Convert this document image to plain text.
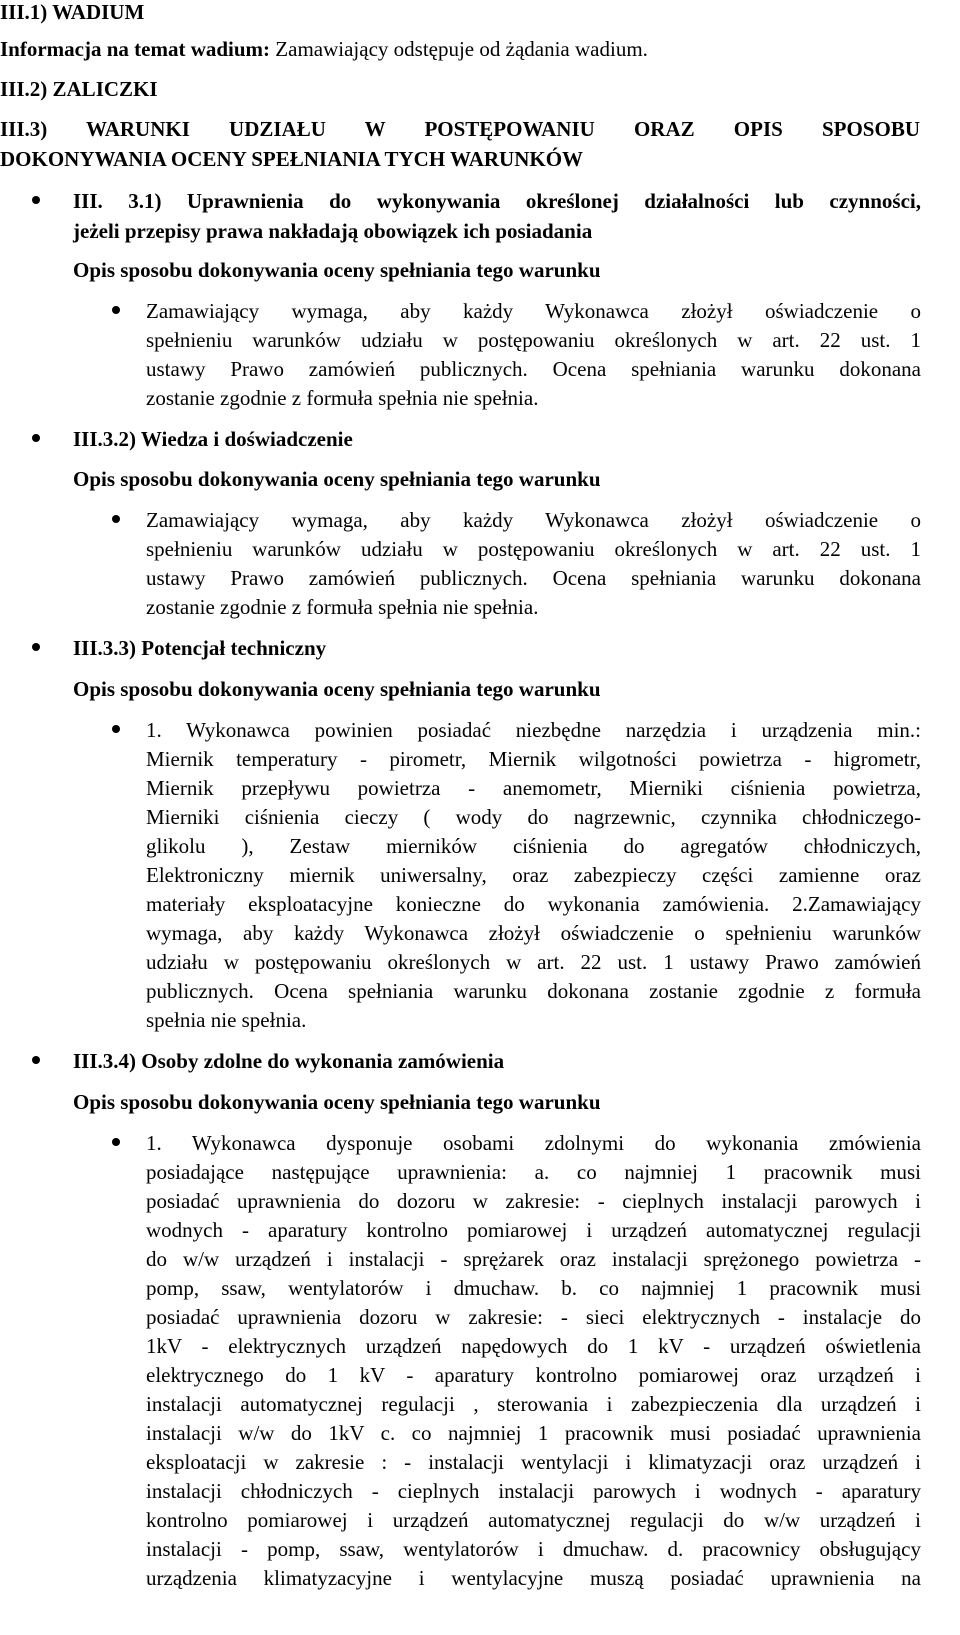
III.1) WADIUM
Informacja na temat wadium: Zamawiający odstępuje od żądania wadium.
III.2) ZALICZKI
III.3) WARUNKI UDZIAŁU W POSTĘPOWANIU ORAZ OPIS SPOSOBU
DOKONYWANIA OCENY SPEŁNIANIA TYCH WARUNKÓW
III. 3.1) Uprawnienia do wykonywania określonej działalności lub czynności,
jeżeli przepisy prawa nakładają obowiązek ich posiadania
Opis sposobu dokonywania oceny spełniania tego warunku
Zamawiający wymaga, aby każdy Wykonawca złożył oświadczenie o
spełnieniu warunków udziału w postępowaniu określonych w art. 22 ust. 1
ustawy Prawo zamówień publicznych. Ocena spełniania warunku dokonana
zostanie zgodnie z formuła spełnia nie spełnia.
III.3.2) Wiedza i doświadczenie
Opis sposobu dokonywania oceny spełniania tego warunku
Zamawiający wymaga, aby każdy Wykonawca złożył oświadczenie o
spełnieniu warunków udziału w postępowaniu określonych w art. 22 ust. 1
ustawy Prawo zamówień publicznych. Ocena spełniania warunku dokonana
zostanie zgodnie z formuła spełnia nie spełnia.
III.3.3) Potencjał techniczny
Opis sposobu dokonywania oceny spełniania tego warunku
1. Wykonawca powinien posiadać niezbędne narzędzia i urządzenia min.:
Miernik temperatury - pirometr, Miernik wilgotności powietrza - higrometr,
Miernik przepływu powietrza - anemometr, Mierniki ciśnienia powietrza,
Mierniki ciśnienia cieczy ( wody do nagrzewnic, czynnika chłodniczego-
glikolu ), Zestaw mierników ciśnienia do agregatów chłodniczych,
Elektroniczny miernik uniwersalny, oraz zabezpieczy części zamienne oraz
materiały eksploatacyjne konieczne do wykonania zamówienia. 2.Zamawiający
wymaga, aby każdy Wykonawca złożył oświadczenie o spełnieniu warunków
udziału w postępowaniu określonych w art. 22 ust. 1 ustawy Prawo zamówień
publicznych. Ocena spełniania warunku dokonana zostanie zgodnie z formuła
spełnia nie spełnia.
III.3.4) Osoby zdolne do wykonania zamówienia
Opis sposobu dokonywania oceny spełniania tego warunku
1. Wykonawca dysponuje osobami zdolnymi do wykonania zmówienia
posiadające następujące uprawnienia: a. co najmniej 1 pracownik musi
posiadać uprawnienia do dozoru w zakresie: - cieplnych instalacji parowych i
wodnych - aparatury kontrolno pomiarowej i urządzeń automatycznej regulacji
do w/w urządzeń i instalacji - sprężarek oraz instalacji sprężonego powietrza -
pomp, ssaw, wentylatorów i dmuchaw. b. co najmniej 1 pracownik musi
posiadać uprawnienia dozoru w zakresie: - sieci elektrycznych - instalacje do
1kV - elektrycznych urządzeń napędowych do 1 kV - urządzeń oświetlenia
elektrycznego do 1 kV - aparatury kontrolno pomiarowej oraz urządzeń i
instalacji automatycznej regulacji , sterowania i zabezpieczenia dla urządzeń i
instalacji w/w do 1kV c. co najmniej 1 pracownik musi posiadać uprawnienia
eksploatacji w zakresie : - instalacji wentylacji i klimatyzacji oraz urządzeń i
instalacji chłodniczych - cieplnych instalacji parowych i wodnych - aparatury
kontrolno pomiarowej i urządzeń automatycznej regulacji do w/w urządzeń i
instalacji - pomp, ssaw, wentylatorów i dmuchaw. d. pracownicy obsługujący
urządzenia klimatyzacyjne i wentylacyjne muszą posiadać uprawnienia na
